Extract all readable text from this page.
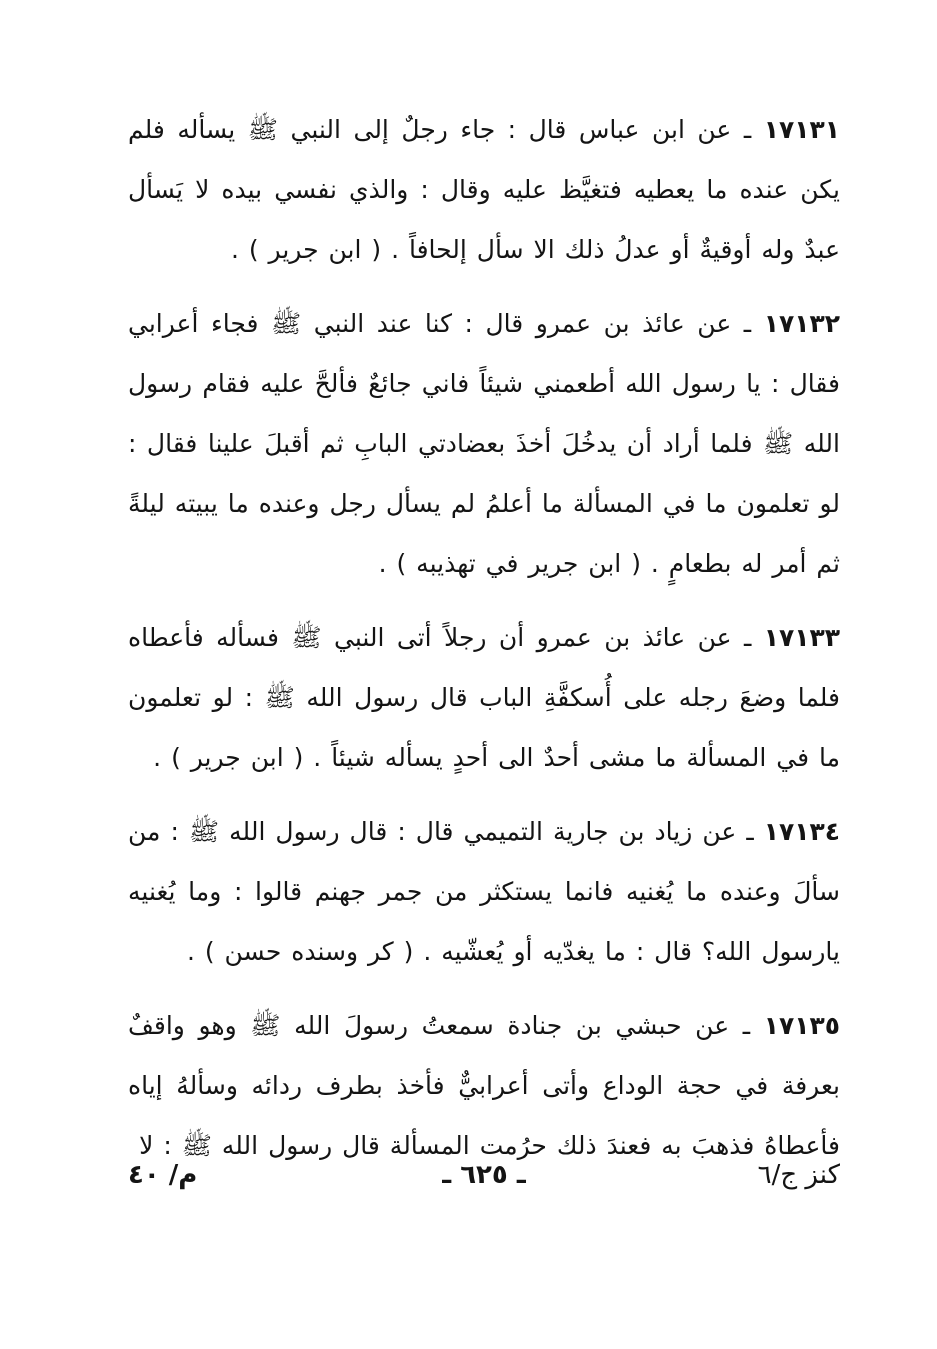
١٧١٣١ ـ عن ابن عباس قال : جاء رجلٌ إلى النبي ﷺ يسأله فلم يكن عنده ما يعطيه فتغيَّظ عليه وقال : والذي نفسي بيده لا يَسأل عبدٌ وله أوقيةٌ أو عدلُ ذلك الا سأل إلحافاً . ( ابن جرير ) .

١٧١٣٢ ـ عن عائذ بن عمرو قال : كنا عند النبي ﷺ فجاء أعرابي فقال : يا رسول الله أطعمني شيئاً فاني جائعٌ فألحَّ عليه فقام رسول الله ﷺ فلما أراد أن يدخُلَ أخذَ بعضادتي البابِ ثم أقبلَ علينا فقال : لو تعلمون ما في المسألة ما أعلمُ لم يسأل رجل وعنده ما يبيته ليلةً ثم أمر له بطعامٍ . ( ابن جرير في تهذيبه ) .

١٧١٣٣ ـ عن عائذ بن عمرو أن رجلاً أتى النبي ﷺ فسأله فأعطاه فلما وضعَ رجله على أُسكفَّةِ الباب قال رسول الله ﷺ : لو تعلمون ما في المسألة ما مشى أحدٌ الى أحدٍ يسأله شيئاً . ( ابن جرير ) .

١٧١٣٤ ـ عن زياد بن جارية التميمي قال : قال رسول الله ﷺ : من سألَ وعنده ما يُغنيه فانما يستكثر من جمر جهنم قالوا : وما يُغنيه يارسول الله؟ قال : ما يغدّيه أو يُعشّيه . ( كر وسنده حسن ) .

١٧١٣٥ ـ عن حبشي بن جنادة سمعتُ رسولَ الله ﷺ وهو واقفٌ بعرفة في حجة الوداع وأتى أعرابيٌّ فأخذ بطرف ردائه وسألهُ إياه فأعطاهُ فذهبَ به فعندَ ذلك حرُمت المسألة قال رسول الله ﷺ : لا

كنز ج/٦
ـ ٦٢٥ ـ
م/ ٤٠
